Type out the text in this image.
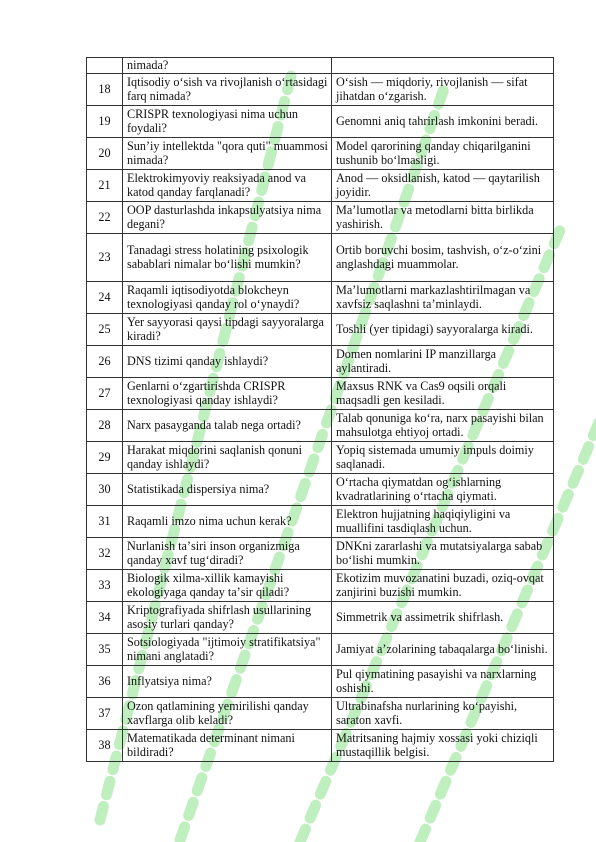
	nimada?	
18	Iqtisodiy oʻsish va rivojlanish oʻrtasidagi farq nimada?	Oʻsish — miqdoriy, rivojlanish — sifat jihatdan oʻzgarish.
19	CRISPR texnologiyasi nima uchun foydali?	Genomni aniq tahrirlash imkonini beradi.
20	Sunʼiy intellektda "qora quti" muammosi nimada?	Model qarorining qanday chiqarilganini tushunib boʻlmasligi.
21	Elektrokimyoviy reaksiyada anod va katod qanday farqlanadi?	Anod — oksidlanish, katod — qaytarilish joyidir.
22	OOP dasturlashda inkapsulyatsiya nima degani?	Maʼlumotlar va metodlarni bitta birlikda yashirish.
23	Tanadagi stress holatining psixologik sabablari nimalar boʻlishi mumkin?	Ortib boruvchi bosim, tashvish, oʻz-oʻzini anglashdagi muammolar.
24	Raqamli iqtisodiyotda blokcheyn texnologiyasi qanday rol oʻynaydi?	Maʼlumotlarni markazlashtirilmagan va xavfsiz saqlashni taʼminlaydi.
25	Yer sayyorasi qaysi tipdagi sayyoralarga kiradi?	Toshli (yer tipidagi) sayyoralarga kiradi.
26	DNS tizimi qanday ishlaydi?	Domen nomlarini IP manzillarga aylantiradi.
27	Genlarni oʻzgartirishda CRISPR texnologiyasi qanday ishlaydi?	Maxsus RNK va Cas9 oqsili orqali maqsadli gen kesiladi.
28	Narx pasayganda talab nega ortadi?	Talab qonuniga koʻra, narx pasayishi bilan mahsulotga ehtiyoj ortadi.
29	Harakat miqdorini saqlanish qonuni qanday ishlaydi?	Yopiq sistemada umumiy impuls doimiy saqlanadi.
30	Statistikada dispersiya nima?	Oʻrtacha qiymatdan ogʻishlarning kvadratlarining oʻrtacha qiymati.
31	Raqamli imzo nima uchun kerak?	Elektron hujjatning haqiqiyligini va muallifini tasdiqlash uchun.
32	Nurlanish taʼsiri inson organizmiga qanday xavf tugʻdiradi?	DNKni zararlashi va mutatsiyalarga sabab boʻlishi mumkin.
33	Biologik xilma-xillik kamayishi ekologiyaga qanday taʼsir qiladi?	Ekotizim muvozanatini buzadi, oziq-ovqat zanjirini buzishi mumkin.
34	Kriptografiyada shifrlash usullarining asosiy turlari qanday?	Simmetrik va assimetrik shifrlash.
35	Sotsiologiyada "ijtimoiy stratifikatsiya" nimani anglatadi?	Jamiyat aʼzolarining tabaqalarga boʻlinishi.
36	Inflyatsiya nima?	Pul qiymatining pasayishi va narxlarning oshishi.
37	Ozon qatlamining yemirilishi qanday xavflarga olib keladi?	Ultrabinafsha nurlarining koʻpayishi, saraton xavfi.
38	Matematikada determinant nimani bildiradi?	Matritsaning hajmiy xossasi yoki chiziqli mustaqillik belgisi.
